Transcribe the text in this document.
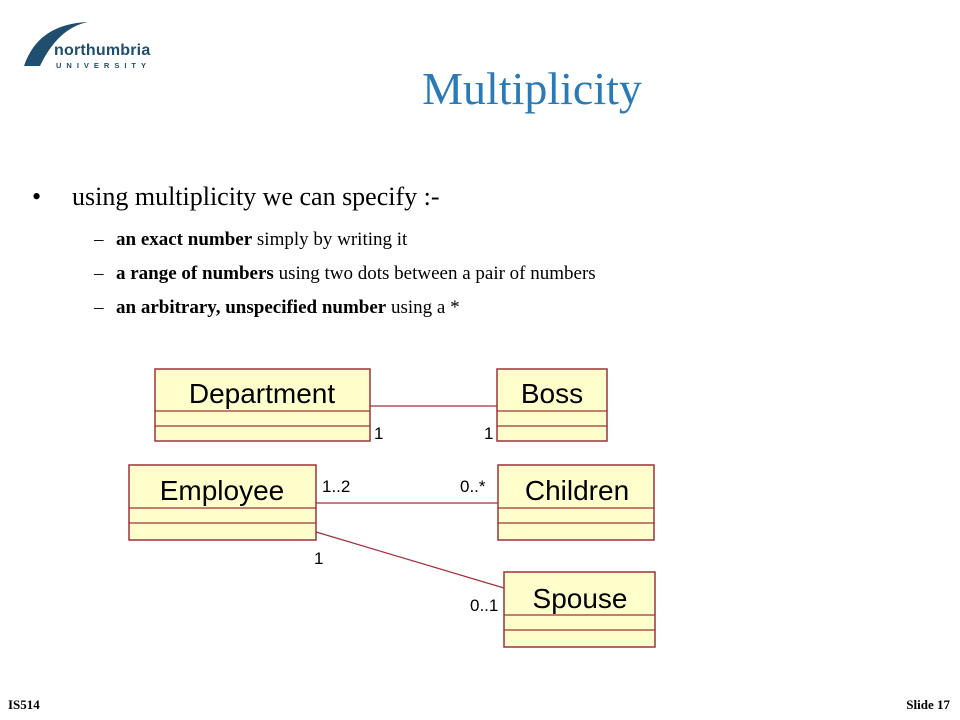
northumbria
UNIVERSITY	Multiplicity
• using multiplicity we can specify :-
– an exact number simply by writing it
– a range of numbers using two dots between a pair of numbers
– an arbitrary, unspecified number using a *
Department	Boss
Employee	Children
Spouse
1	1
1..2	0..*
1
0..1
IS514	Slide 17
